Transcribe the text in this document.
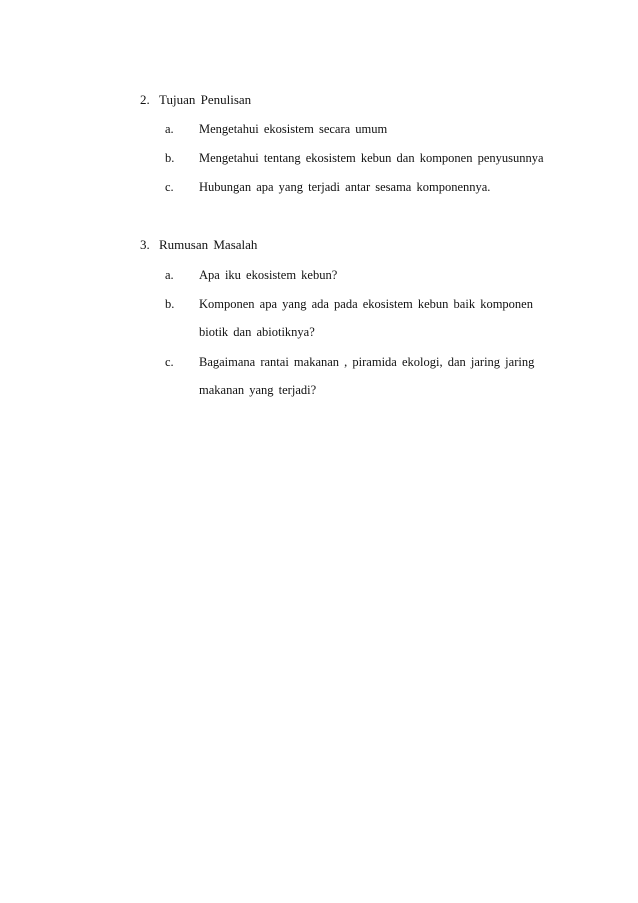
2. Tujuan Penulisan
a. Mengetahui ekosistem secara umum
b. Mengetahui tentang ekosistem kebun dan komponen penyusunnya
c. Hubungan apa yang terjadi antar sesama komponennya.
3. Rumusan Masalah
a. Apa iku ekosistem kebun?
b. Komponen apa yang ada pada ekosistem kebun baik komponen
biotik dan abiotiknya?
c. Bagaimana rantai makanan , piramida ekologi, dan jaring jaring
makanan yang terjadi?
